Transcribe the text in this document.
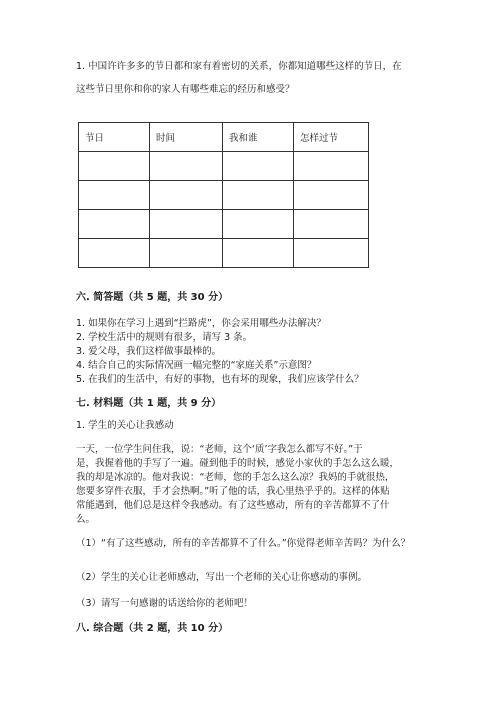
1. 中国许许多多的节日都和家有着密切的关系，你都知道哪些这样的节日，在
这些节日里你和你的家人有哪些难忘的经历和感受？
节日	时间	我和谁	怎样过节

六. 简答题（共 5 题，共 30 分）
1. 如果你在学习上遇到“拦路虎”，你会采用哪些办法解决？
2. 学校生活中的规则有很多，请写 3 条。
3. 爱父母，我们这样做事最棒的。
4. 结合自己的实际情况画一幅完整的“家庭关系”示意图？
5. 在我们的生活中，有好的事物，也有坏的现象，我们应该学什么？
七. 材料题（共 1 题，共 9 分）
1. 学生的关心让我感动
一天，一位学生问住我，说：“老师，这个‘质’字我怎么都写不好。”于
是，我握着他的手写了一遍。碰到他手的时候，感觉小家伙的手怎么这么暖，
我的却是冰凉的。他对我说：“老师，您的手怎么这么凉？我妈的手就很热，
您要多穿件衣服，手才会热啊。”听了他的话，我心里热乎乎的。这样的体贴
常能遇到，他们总是这样令我感动。有了这些感动，所有的辛苦都算不了什
么。
（1）“有了这些感动，所有的辛苦都算不了什么。”你觉得老师辛苦吗？为什么？
（2）学生的关心让老师感动，写出一个老师的关心让你感动的事例。
（3）请写一句感谢的话送给你的老师吧！
八. 综合题（共 2 题，共 10 分）
